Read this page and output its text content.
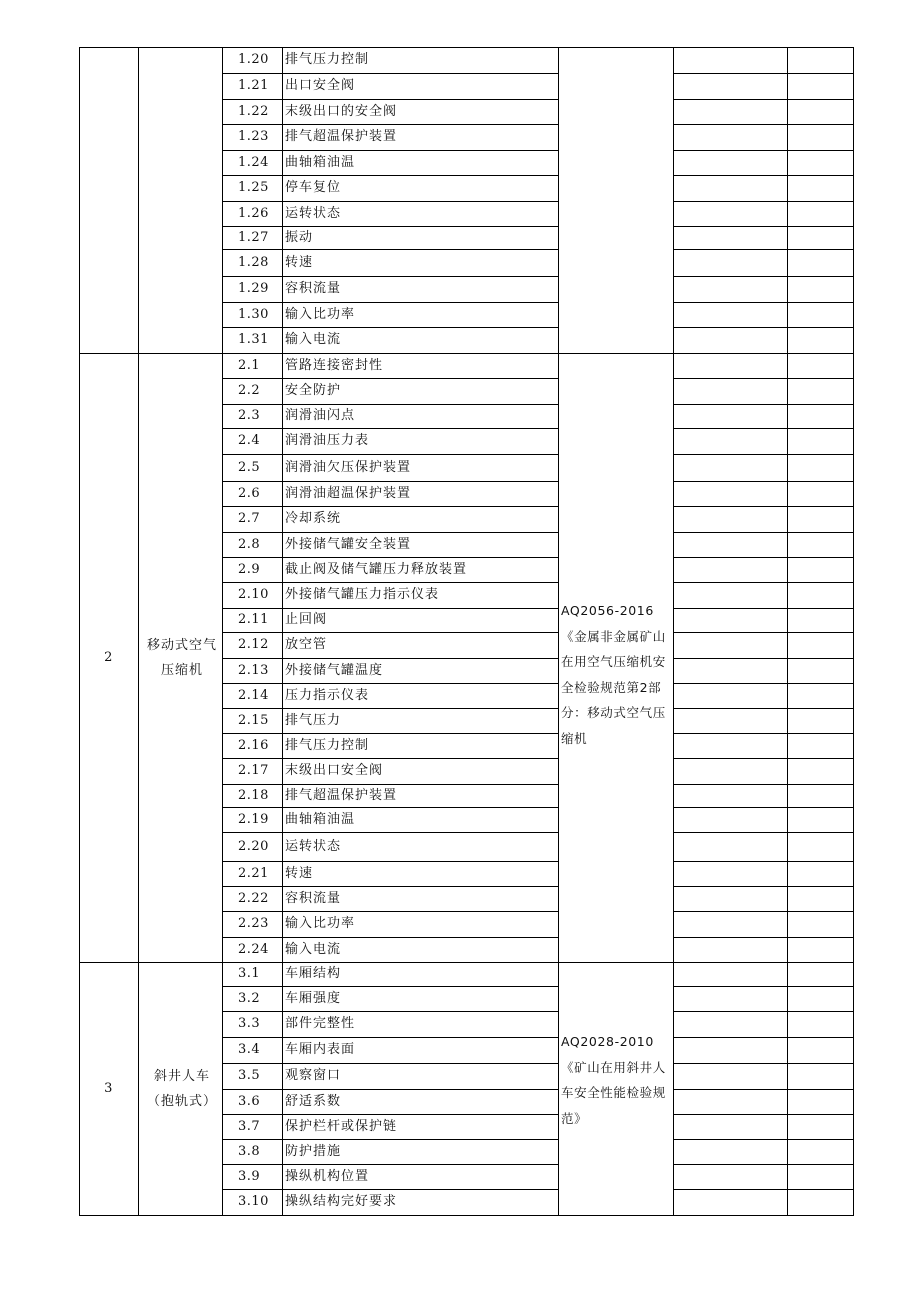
1.20 排气压力控制
1.21 出口安全阀
1.22 末级出口的安全阀
1.23 排气超温保护装置
1.24 曲轴箱油温
1.25 停车复位
1.26 运转状态
1.27 振动
1.28 转速
1.29 容积流量
1.30 输入比功率
1.31 输入电流
2.1 管路连接密封性
2.2 安全防护
2.3 润滑油闪点
2.4 润滑油压力表
2.5 润滑油欠压保护装置
2.6 润滑油超温保护装置
2.7 冷却系统
2.8 外接储气罐安全装置
2.9 截止阀及储气罐压力释放装置
2.10 外接储气罐压力指示仪表
2.11 止回阀
2.12 放空管
2.13 外接储气罐温度
2.14 压力指示仪表
2.15 排气压力
2.16 排气压力控制
2.17 末级出口安全阀
2.18 排气超温保护装置
2.19 曲轴箱油温
2.20 运转状态
2.21 转速
2.22 容积流量
2.23 输入比功率
2.24 输入电流
3.1 车厢结构
3.2 车厢强度
3.3 部件完整性
3.4 车厢内表面
3.5 观察窗口
3.6 舒适系数
3.7 保护栏杆或保护链
3.8 防护措施
3.9 操纵机构位置
3.10 操纵结构完好要求
2
移动式空气压缩机
AQ2056-2016《金属非金属矿山在用空气压缩机安全检验规范第2部分：移动式空气压缩机
3
斜井人车（抱轨式）
AQ2028-2010《矿山在用斜井人车安全性能检验规范》
